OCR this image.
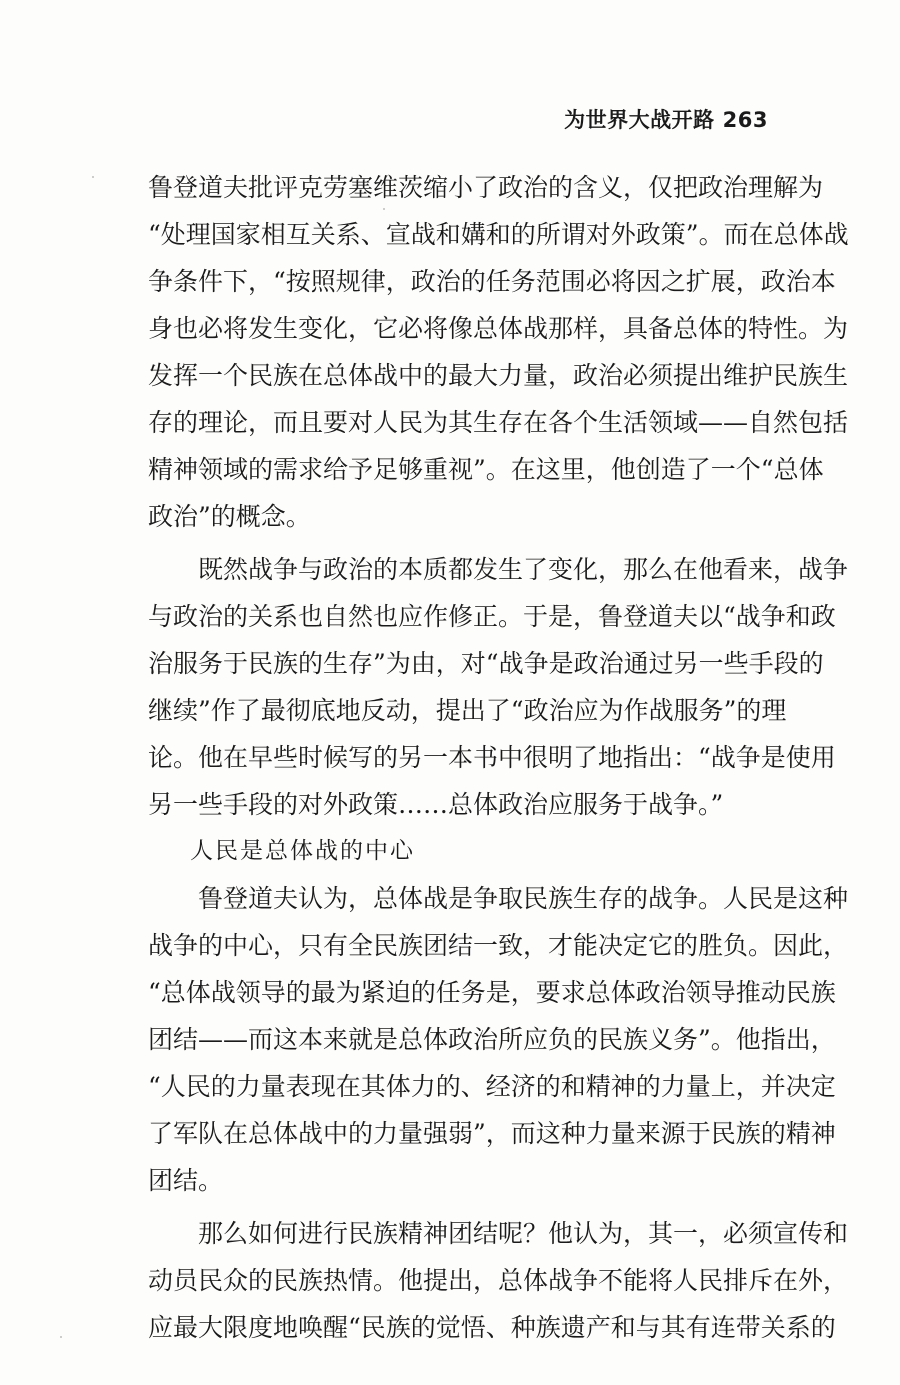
为世界大战开路 263
鲁登道夫批评克劳塞维茨缩小了政治的含义，仅把政治理解为
“处理国家相互关系、宣战和媾和的所谓对外政策”。而在总体战
争条件下，“按照规律，政治的任务范围必将因之扩展，政治本
身也必将发生变化，它必将像总体战那样，具备总体的特性。为
发挥一个民族在总体战中的最大力量，政治必须提出维护民族生
存的理论，而且要对人民为其生存在各个生活领域——自然包括
精神领域的需求给予足够重视”。在这里，他创造了一个“总体
政治”的概念。
既然战争与政治的本质都发生了变化，那么在他看来，战争
与政治的关系也自然也应作修正。于是，鲁登道夫以“战争和政
治服务于民族的生存”为由，对“战争是政治通过另一些手段的
继续”作了最彻底地反动，提出了“政治应为作战服务”的理
论。他在早些时候写的另一本书中很明了地指出：“战争是使用
另一些手段的对外政策……总体政治应服务于战争。”
人民是总体战的中心
鲁登道夫认为，总体战是争取民族生存的战争。人民是这种
战争的中心，只有全民族团结一致，才能决定它的胜负。因此，
“总体战领导的最为紧迫的任务是，要求总体政治领导推动民族
团结——而这本来就是总体政治所应负的民族义务”。他指出，
“人民的力量表现在其体力的、经济的和精神的力量上，并决定
了军队在总体战中的力量强弱”，而这种力量来源于民族的精神
团结。
那么如何进行民族精神团结呢？他认为，其一，必须宣传和
动员民众的民族热情。他提出，总体战争不能将人民排斥在外，
应最大限度地唤醒“民族的觉悟、种族遗产和与其有连带关系的
